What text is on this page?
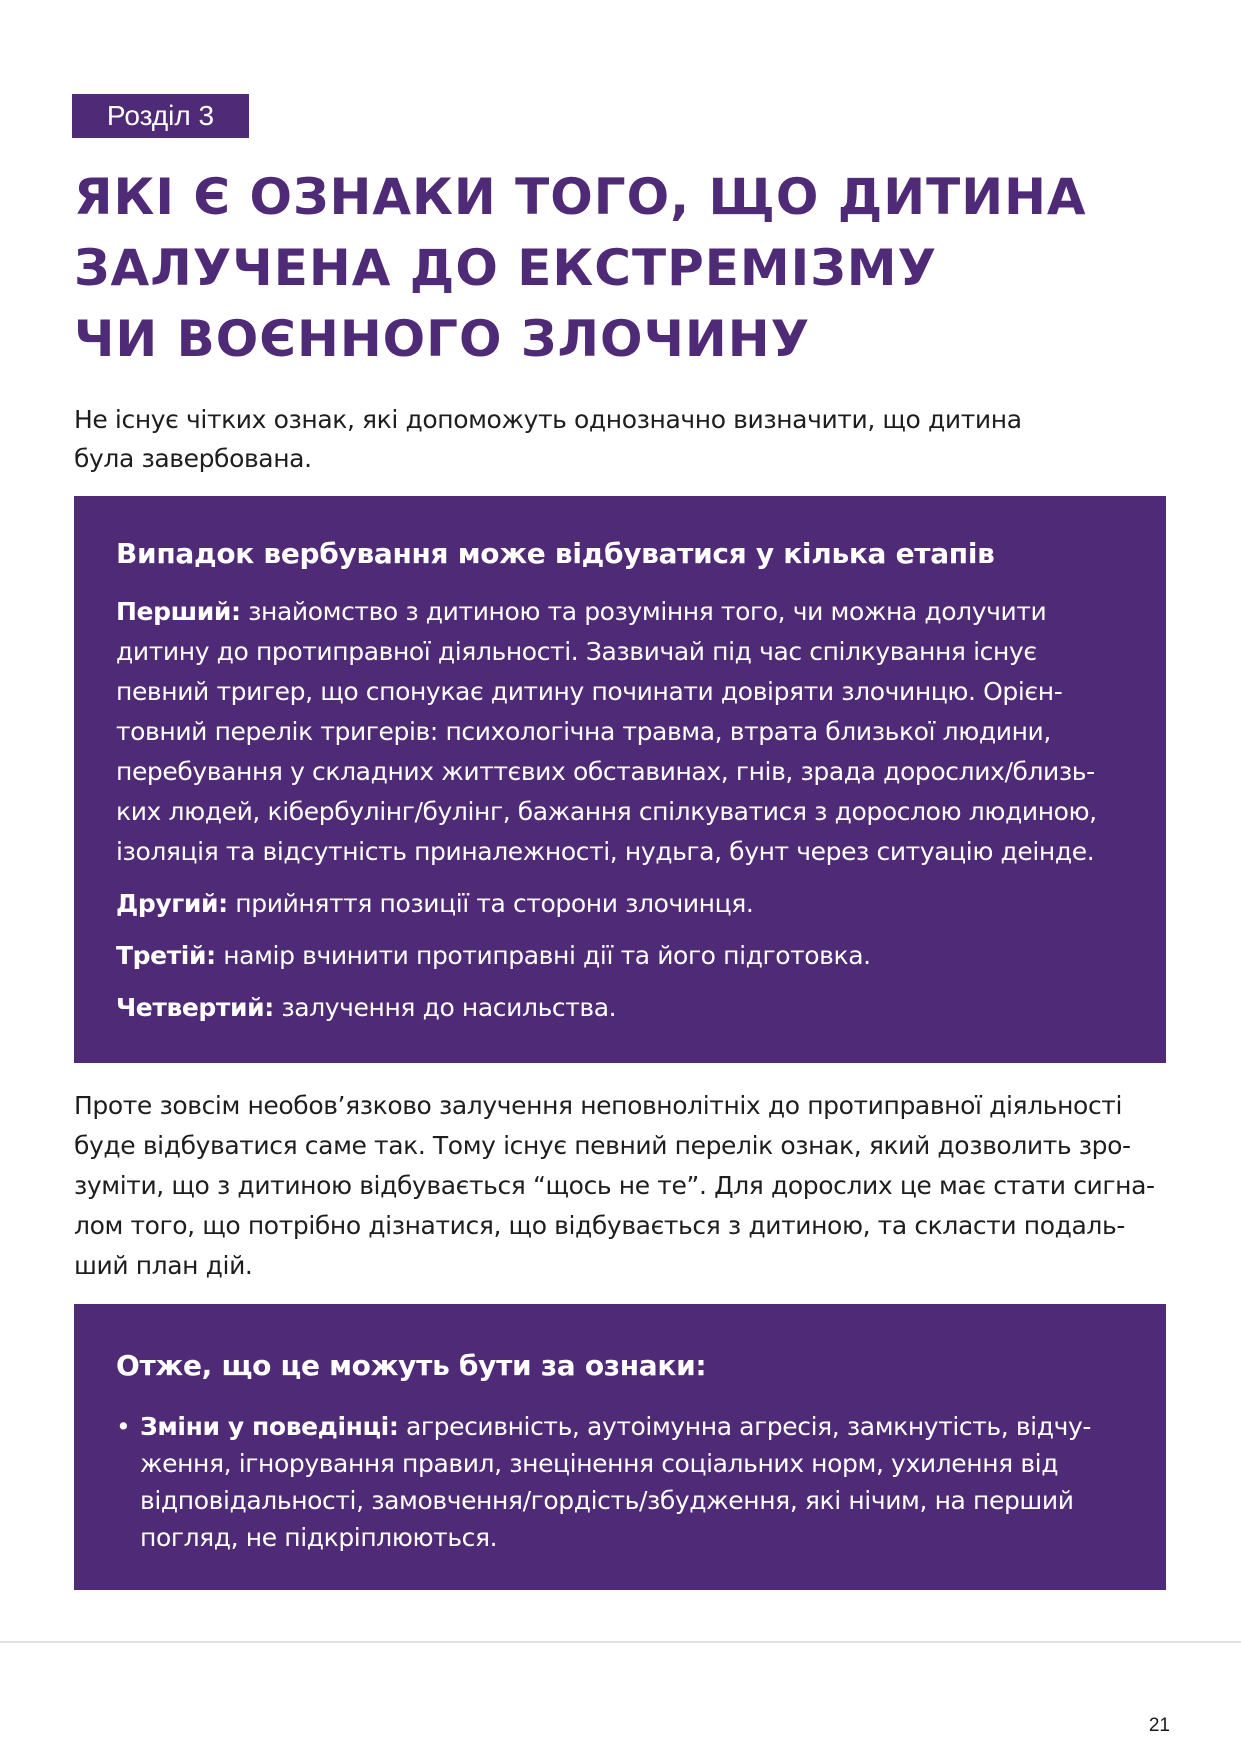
Розділ 3
ЯКІ Є ОЗНАКИ ТОГО, ЩО ДИТИНА
ЗАЛУЧЕНА ДО ЕКСТРЕМІЗМУ
ЧИ ВОЄННОГО ЗЛОЧИНУ
Не існує чітких ознак, які допоможуть однозначно визначити, що дитина
була завербована.
Випадок вербування може відбуватися у кілька етапів

Перший: знайомство з дитиною та розуміння того, чи можна долучити
дитину до протиправної діяльності. Зазвичай під час спілкування існує
певний тригер, що спонукає дитину починати довіряти злочинцю. Орієн-
товний перелік тригерів: психологічна травма, втрата близької людини,
перебування у складних життєвих обставинах, гнів, зрада дорослих/близь-
ких людей, кібербулінг/булінг, бажання спілкуватися з дорослою людиною,
ізоляція та відсутність приналежності, нудьга, бунт через ситуацію деінде.

Другий: прийняття позиції та сторони злочинця.

Третій: намір вчинити протиправні дії та його підготовка.

Четвертий: залучення до насильства.

Проте зовсім необов’язково залучення неповнолітніх до протиправної діяльності
буде відбуватися саме так. Тому існує певний перелік ознак, який дозволить зро-
зуміти, що з дитиною відбувається “щось не те”. Для дорослих це має стати сигна-
лом того, що потрібно дізнатися, що відбувається з дитиною, та скласти подаль-
ший план дій.
Отже, що це можуть бути за ознаки:
• Зміни у поведінці: агресивність, аутоімунна агресія, замкнутість, відчу-
ження, ігнорування правил, знецінення соціальних норм, ухилення від
відповідальності, замовчення/гордість/збудження, які нічим, на перший
погляд, не підкріплюються.
21
